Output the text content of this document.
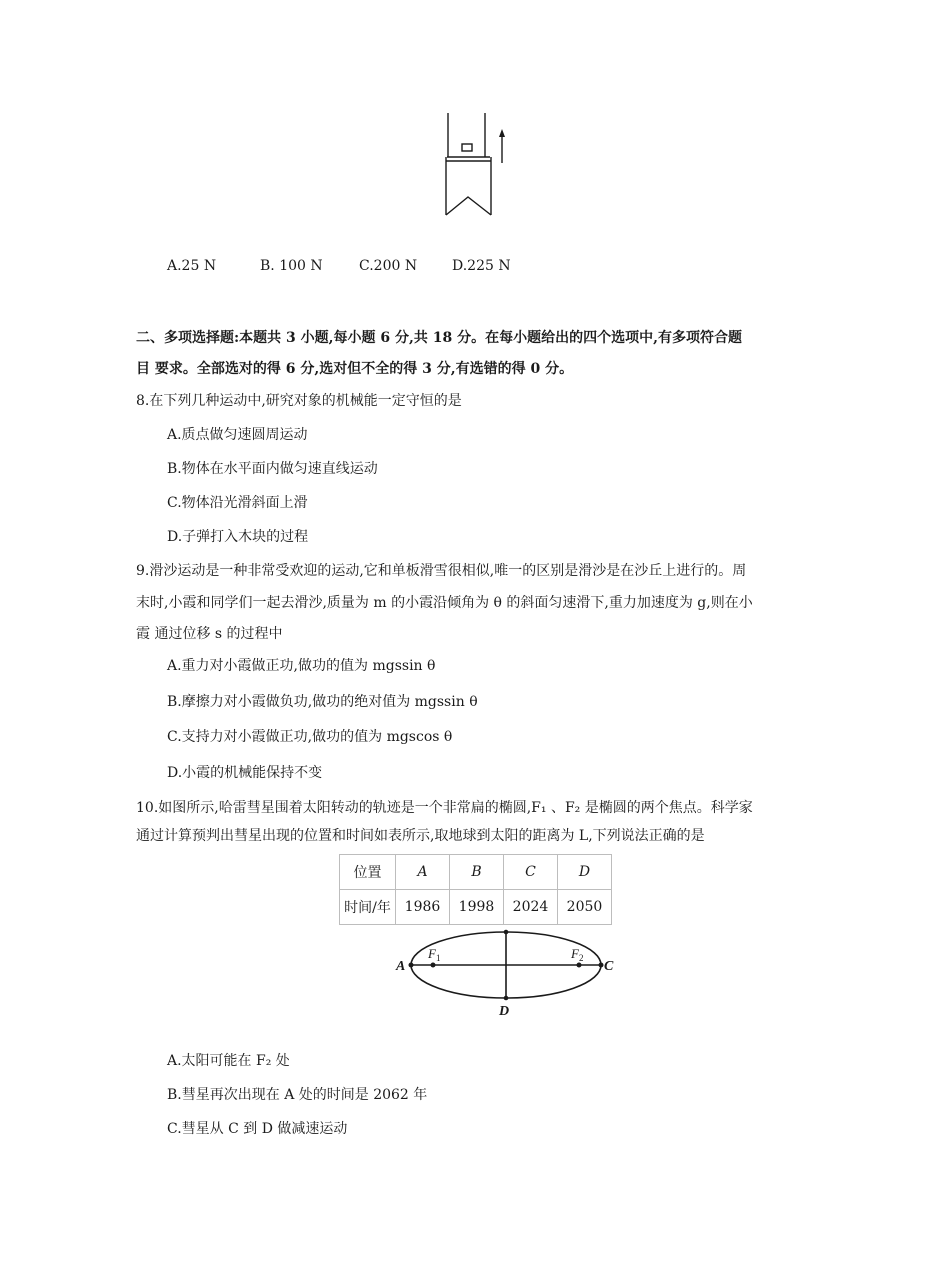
A.25 N	B. 100 N	C.200 N D.225 N
二、多项选择题:本题共 3 小题,每小题 6 分,共 18 分。在每小题给出的四个选项中,有多项符合题
目 要求。全部选对的得 6 分,选对但不全的得 3 分,有选错的得 0 分。
8.在下列几种运动中,研究对象的机械能一定守恒的是
A.质点做匀速圆周运动
B.物体在水平面内做匀速直线运动
C.物体沿光滑斜面上滑
D.子弹打入木块的过程
9.滑沙运动是一种非常受欢迎的运动,它和单板滑雪很相似,唯一的区别是滑沙是在沙丘上进行的。周
末时,小霞和同学们一起去滑沙,质量为 m 的小霞沿倾角为 θ 的斜面匀速滑下,重力加速度为 g,则在小
霞 通过位移 s 的过程中
A.重力对小霞做正功,做功的值为 mgssin θ
B.摩擦力对小霞做负功,做功的绝对值为 mgssin θ
C.支持力对小霞做正功,做功的值为 mgscos θ
D.小霞的机械能保持不变
10.如图所示,哈雷彗星围着太阳转动的轨迹是一个非常扁的椭圆,F₁ 、F₂ 是椭圆的两个焦点。科学家
通过计算预判出彗星出现的位置和时间如表所示,取地球到太阳的距离为 L,下列说法正确的是
位置	A	B	C	D
时间/年	1986	1998	2024	2050
A	C
D
$F_1$	$F_2$
A.太阳可能在 F₂ 处
B.彗星再次出现在 A 处的时间是 2062 年
C.彗星从 C 到 D 做减速运动
